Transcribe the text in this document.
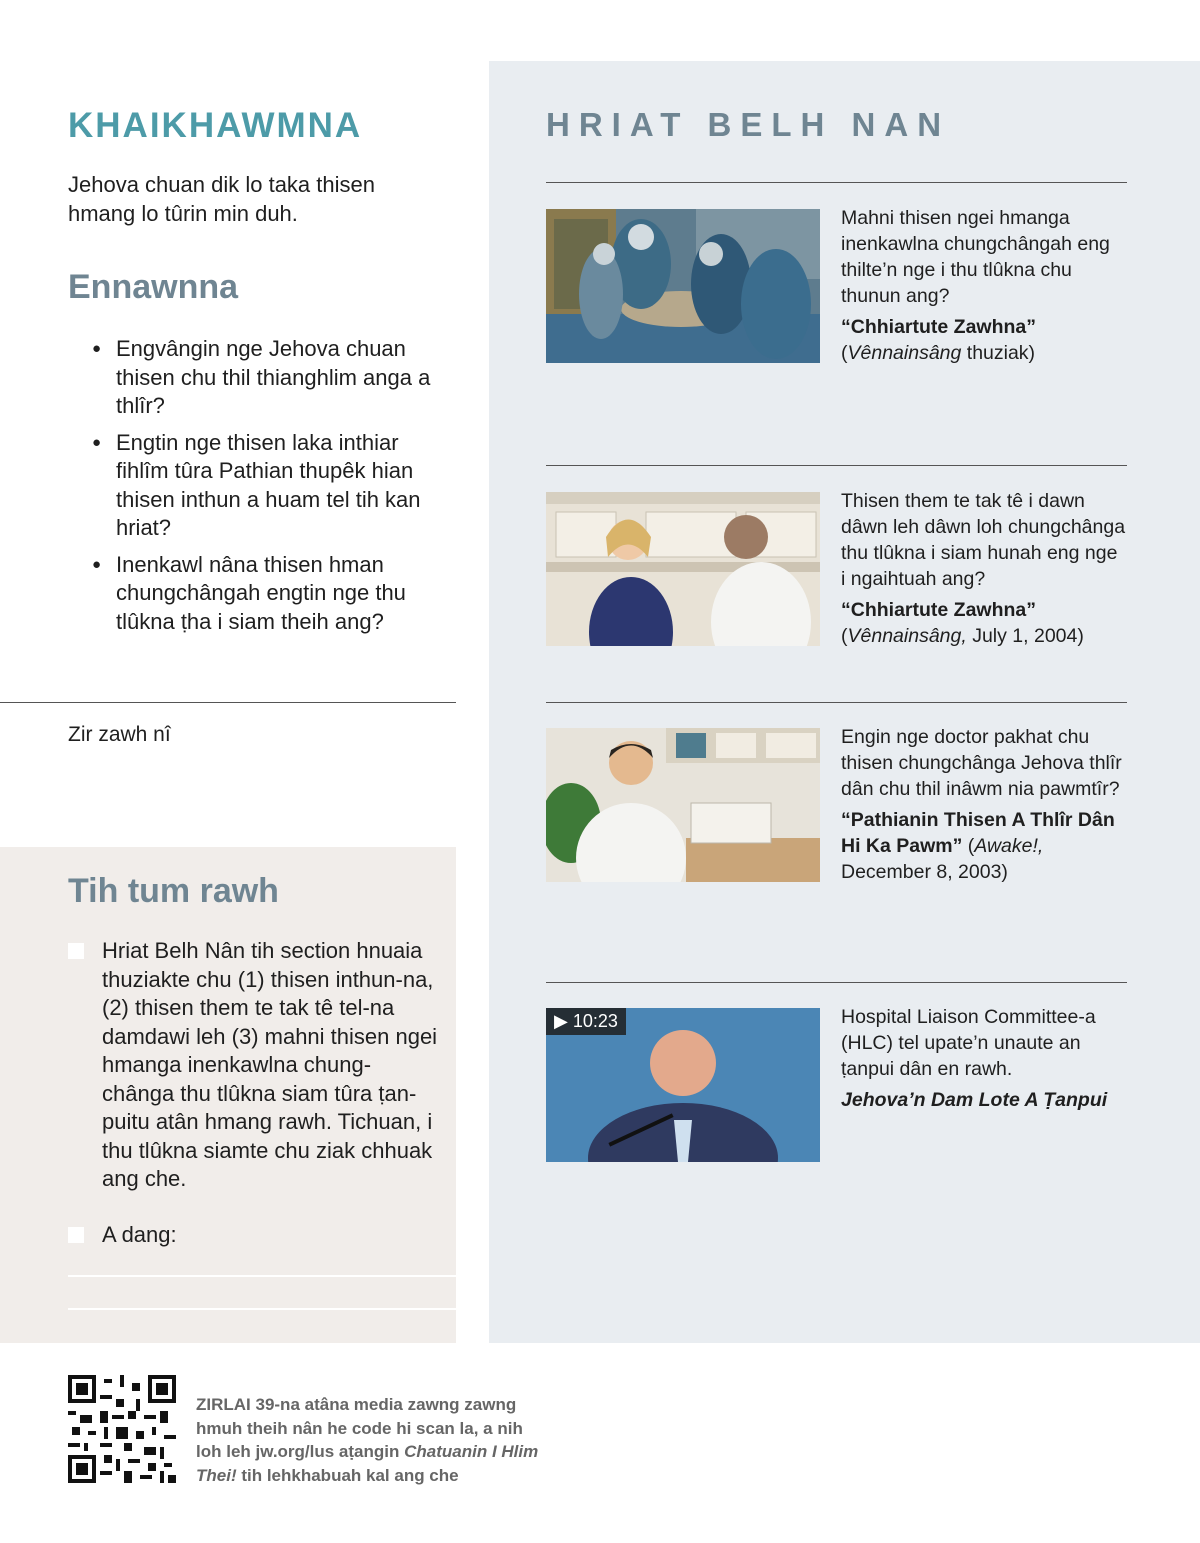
KHAIKHAWMNA
Jehova chuan dik lo taka thisen hmang lo tûrin min duh.
Ennawnna
● Engvângin nge Jehova chuan thisen chu thil thianghlim anga a thlîr?
● Engtin nge thisen laka inthiar fihlîm tûra Pathian thupêk hian thisen inthun a huam tel tih kan hriat?
● Inenkawl nâna thisen hman chungchângah engtin nge thu tlûkna ṭha i siam theih ang?
Zir zawh nî
Tih tum rawh
Hriat Belh Nân tih section hnuaia thuziakte chu (1) thisen inthun-na, (2) thisen them te tak tê tel-na damdawi leh (3) mahni thisen ngei hmanga inenkawlna chung-chânga thu tlûkna siam tûra ṭan-puitu atân hmang rawh. Tichuan, i thu tlûkna siamte chu ziak chhuak ang che.
A dang:
HRIAT BELH NAN

Mahni thisen ngei hmanga inenkawlna chungchângah eng thilte’n nge i thu tlûkna chu thunun ang?

“Chhiartute Zawhna”
(Vênnainsâng thuziak)

Thisen them te tak tê i dawn dâwn leh dâwn loh chungchânga thu tlûkna i siam hunah eng nge i ngaihtuah ang?

“Chhiartute Zawhna”
(Vênnainsâng, July 1, 2004)

Engin nge doctor pakhat chu thisen chungchânga Jehova thlîr dân chu thil inâwm nia pawmtîr?

“Pathianin Thisen A Thlîr Dân Hi Ka Pawm” (Awake!, December 8, 2003)

▶ 10:23	Hospital Liaison Committee-a (HLC) tel upate’n unaute an ṭanpui dân en rawh.

Jehova’n Dam Lote A Ṭanpui

ZIRLAI 39-na atâna media zawng zawng hmuh theih nân he code hi scan la, a nih loh leh jw.org/lus aṭangin Chatuanin I Hlim Thei! tih lehkhabuah kal ang che
